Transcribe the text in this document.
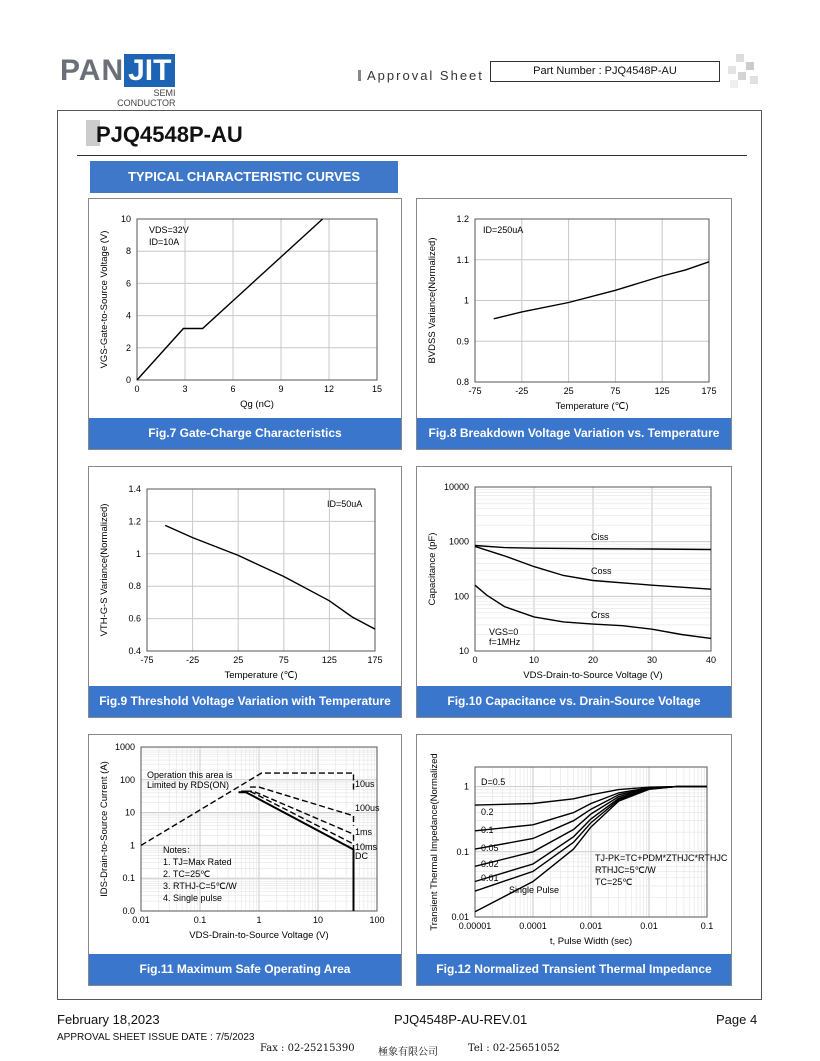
PAN JIT
SEMI
CONDUCTOR
Approval Sheet	Part Number : PJQ4548P-AU
PJQ4548P-AU
TYPICAL CHARACTERISTIC CURVES
0	3	6	9	12	15
0
2
4
6
8
10
VDS=32V
ID=10A
Qg (nC)
VGS-Gate-to-Source Voltage (V)
Fig.7 Gate-Charge Characteristics
-75	-25	25	75	125	175
0.8
0.9
1
1.1
1.2
ID=250uA
Temperature (℃)
BVDSS Variance(Normalized)
Fig.8 Breakdown Voltage Variation vs. Temperature
-75	-25	25	75	125	175
0.4
0.6
0.8
1
1.2
1.4
ID=50uA
Temperature (℃)
VTH-G-S Variance(Normalized)
Fig.9 Threshold Voltage Variation with Temperature
0	10	20	30	40
10
100
1000
10000
Ciss
Coss
Crss
VGS=0
f=1MHz
VDS-Drain-to-Source Voltage (V)
Capacitance (pF)
Fig.10 Capacitance vs. Drain-Source Voltage
0.01	0.1	1	10	100
0.0
0.1
1
10
100
1000
10us
100us
1ms
10ms
DC
Operation this area is
Limited by RDS(ON)
Notes：
1. TJ=Max Rated
2. TC=25℃
3. RTHJ-C=5℃/W
4. Single pulse
VDS-Drain-to-Source Voltage (V)
IDS-Drain-to-Source Current (A)
Fig.11 Maximum Safe Operating Area
0.00001	0.0001	0.001	0.01	0.1
0.01
0.1
1 D=0.5
0.2
0.1
0.05
0.02
0.01
TJ-PK=TC+PDM*ZTHJC*RTHJC
RTHJC=5℃/W
TC=25℃
Single Pulse
t, Pulse Width (sec)
Transient Thermal Impedance(Normalized
Fig.12 Normalized Transient Thermal Impedance
February 18,2023	PJQ4548P-AU-REV.01	Page 4
APPROVAL SHEET ISSUE DATE : 7/5/2023
Fax : 02-25215390 極象有限公司	Tel : 02-25651052
